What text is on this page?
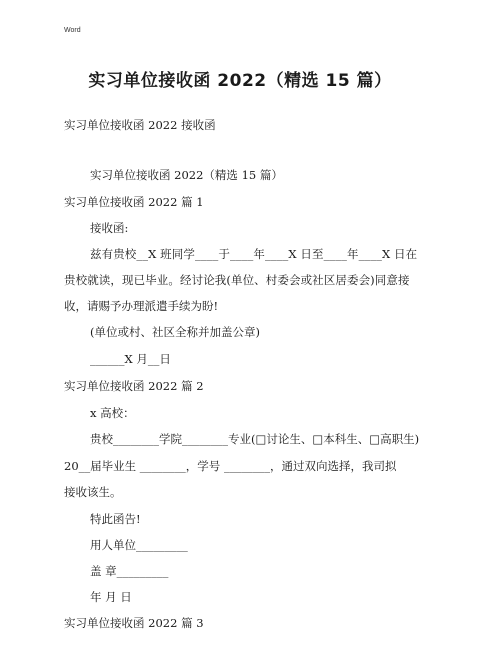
Word
实习单位接收函 2022（精选 15 篇）
实习单位接收函 2022 接收函
实习单位接收函 2022（精选 15 篇）
实习单位接收函 2022 篇 1
接收函:
兹有贵校__X 班同学____于____年____X 日至____年____X 日在
贵校就读，现已毕业。经讨论我(单位、村委会或社区居委会)同意接
收，请赐予办理派遣手续为盼!
(单位或村、社区全称并加盖公章)
______X 月__日
实习单位接收函 2022 篇 2
x 高校：
贵校________学院________专业(□讨论生、□本科生、□高职生)
20__届毕业生 ________，学号 ________，通过双向选择，我司拟
接收该生。
特此函告!
用人单位_________
盖 章_________
年 月 日
实习单位接收函 2022 篇 3
